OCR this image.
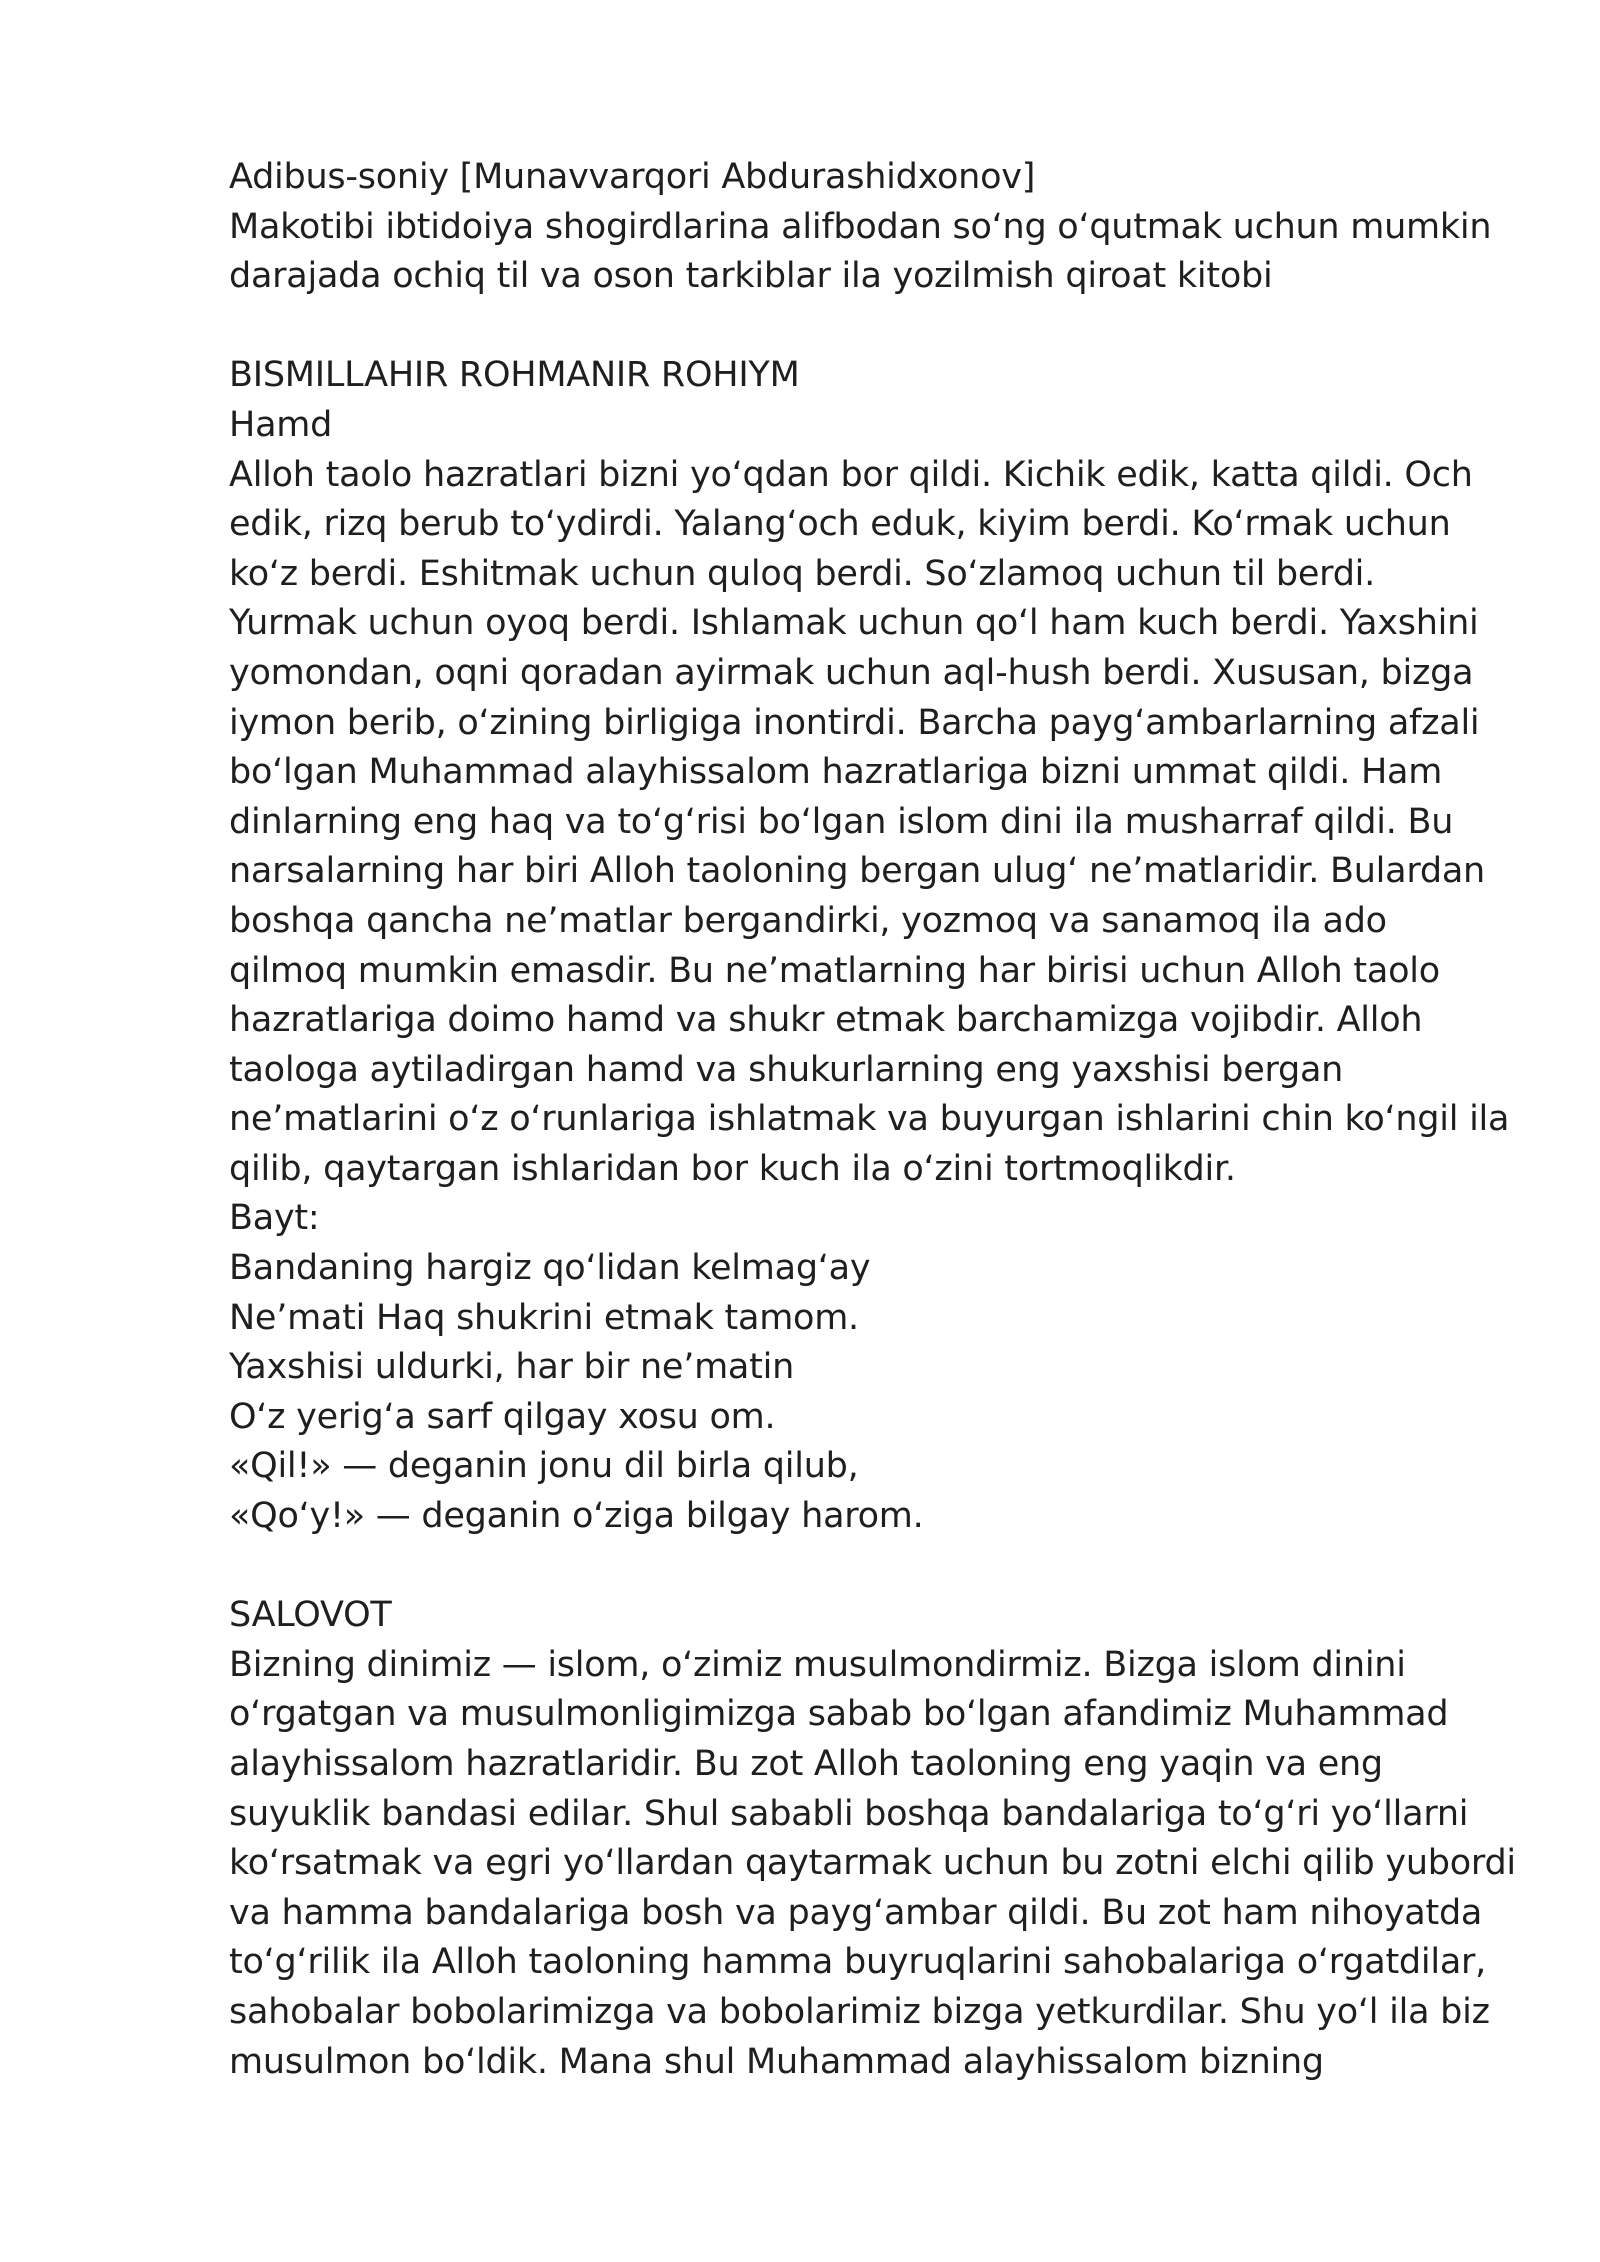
Adibus-soniy [Munavvarqori Abdurashidxonov]
Makotibi ibtidoiya shogirdlarina alifbodan soʻng oʻqutmak uchun mumkin
darajada ochiq til va oson tarkiblar ila yozilmish qiroat kitobi
BISMILLAHIR ROHMANIR ROHIYM
Hamd
Alloh taolo hazratlari bizni yoʻqdan bor qildi. Kichik edik, katta qildi. Och
edik, rizq berub toʻydirdi. Yalangʻoch eduk, kiyim berdi. Koʻrmak uchun
koʻz berdi. Eshitmak uchun quloq berdi. Soʻzlamoq uchun til berdi.
Yurmak uchun oyoq berdi. Ishlamak uchun qoʻl ham kuch berdi. Yaxshini
yomondan, oqni qoradan ayirmak uchun aql-hush berdi. Xususan, bizga
iymon berib, oʻzining birligiga inontirdi. Barcha paygʻambarlarning afzali
boʻlgan Muhammad alayhissalom hazratlariga bizni ummat qildi. Ham
dinlarning eng haq va toʻgʻrisi boʻlgan islom dini ila musharraf qildi. Bu
narsalarning har biri Alloh taoloning bergan ulugʻ neʼmatlaridir. Bulardan
boshqa qancha neʼmatlar bergandirki, yozmoq va sanamoq ila ado
qilmoq mumkin emasdir. Bu neʼmatlarning har birisi uchun Alloh taolo
hazratlariga doimo hamd va shukr etmak barchamizga vojibdir. Alloh
taologa aytiladirgan hamd va shukurlarning eng yaxshisi bergan
neʼmatlarini oʻz oʻrunlariga ishlatmak va buyurgan ishlarini chin koʻngil ila
qilib, qaytargan ishlaridan bor kuch ila oʻzini tortmoqlikdir.
Bayt:
Bandaning hargiz qoʻlidan kelmagʻay
Neʼmati Haq shukrini etmak tamom.
Yaxshisi uldurki, har bir neʼmatin
Oʻz yerigʻa sarf qilgay xosu om.
«Qil!» — deganin jonu dil birla qilub,
«Qoʻy!» — deganin oʻziga bilgay harom.
SALOVOT
Bizning dinimiz — islom, oʻzimiz musulmondirmiz. Bizga islom dinini
oʻrgatgan va musulmonligimizga sabab boʻlgan afandimiz Muhammad
alayhissalom hazratlaridir. Bu zot Alloh taoloning eng yaqin va eng
suyuklik bandasi edilar. Shul sababli boshqa bandalariga toʻgʻri yoʻllarni
koʻrsatmak va egri yoʻllardan qaytarmak uchun bu zotni elchi qilib yubordi
va hamma bandalariga bosh va paygʻambar qildi. Bu zot ham nihoyatda
toʻgʻrilik ila Alloh taoloning hamma buyruqlarini sahobalariga oʻrgatdilar,
sahobalar bobolarimizga va bobolarimiz bizga yetkurdilar. Shu yoʻl ila biz
musulmon boʻldik. Mana shul Muhammad alayhissalom bizning
